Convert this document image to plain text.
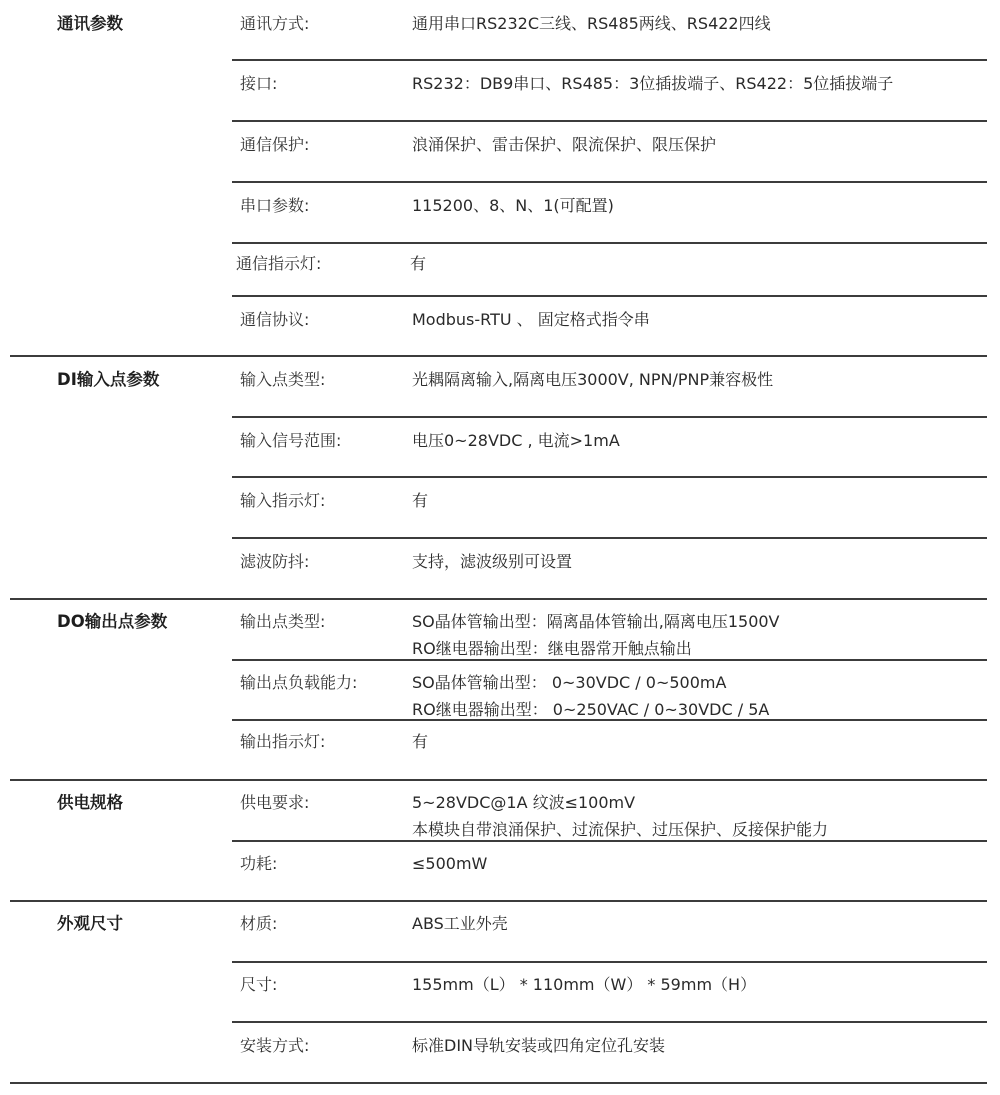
通讯参数	通讯方式:	通用串口RS232C三线、RS485两线、RS422四线
接口:	RS232：DB9串口、RS485：3位插拔端子、RS422：5位插拔端子
通信保护:	浪涌保护、雷击保护、限流保护、限压保护
串口参数:	115200、8、N、1(可配置)
通信指示灯:	有
通信协议:	Modbus-RTU 、 固定格式指令串
DI输入点参数	输入点类型:	光耦隔离输入,隔离电压3000V, NPN/PNP兼容极性
输入信号范围:	电压0~28VDC , 电流>1mA
输入指示灯:	有
滤波防抖:	支持，滤波级别可设置
DO输出点参数	输出点类型:	SO晶体管输出型：隔离晶体管输出,隔离电压1500V
RO继电器输出型：继电器常开触点输出
输出点负载能力:	SO晶体管输出型： 0~30VDC / 0~500mA
RO继电器输出型： 0~250VAC / 0~30VDC / 5A
输出指示灯:	有
供电规格	供电要求:	5~28VDC@1A 纹波≤100mV
本模块自带浪涌保护、过流保护、过压保护、反接保护能力
功耗:	≤500mW
外观尺寸	材质:	ABS工业外壳
尺寸:	155mm（L） * 110mm（W） * 59mm（H）
安装方式:	标准DIN导轨安装或四角定位孔安装
